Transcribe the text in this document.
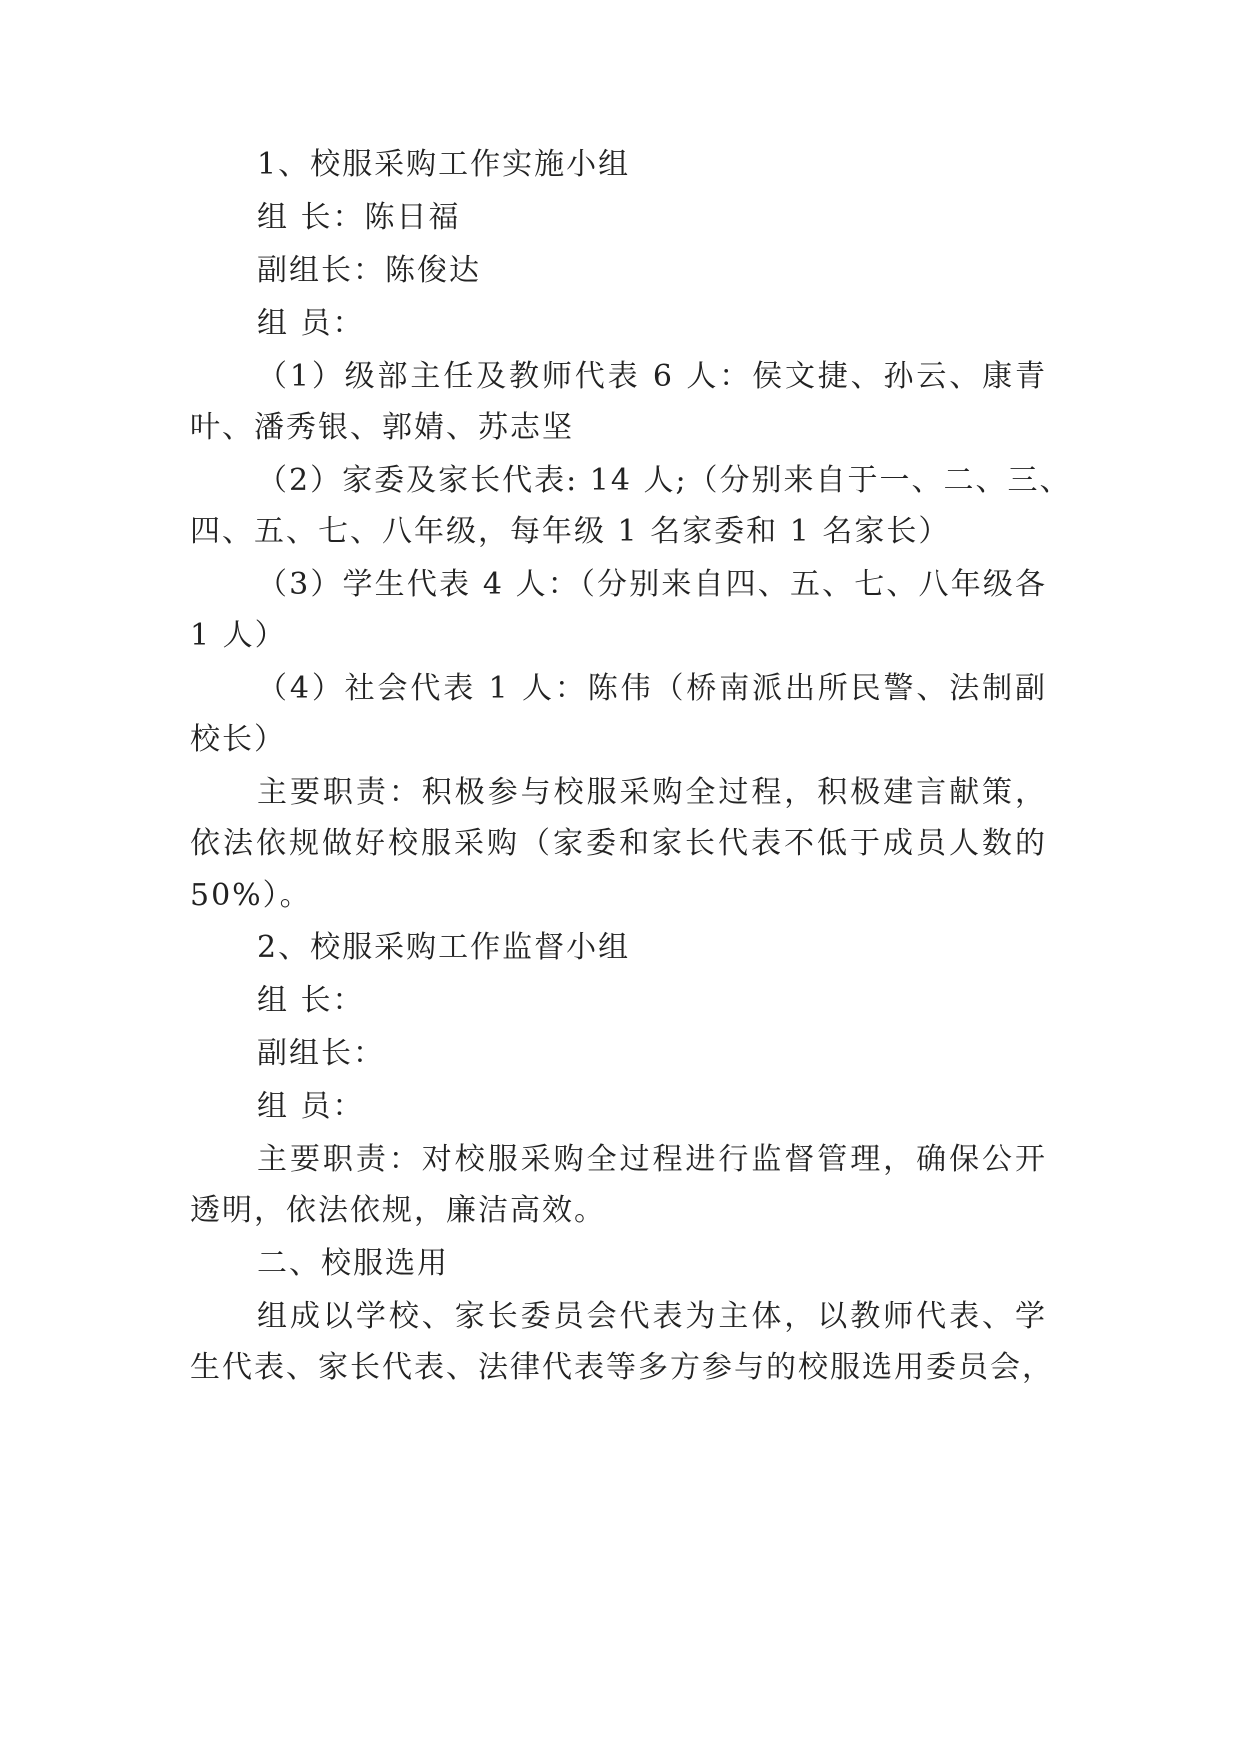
1、校服采购工作实施小组
组 长：陈日福
副组长：陈俊达
组 员：
（1）级部主任及教师代表 6 人：侯文捷、孙云、康青
叶、潘秀银、郭婧、苏志坚
（2）家委及家长代表: 14 人;（分别来自于一、二、三、
四、五、七、八年级，每年级 1 名家委和 1 名家长）
（3）学生代表 4 人：（分别来自四、五、七、八年级各
1 人）
（4）社会代表 1 人：陈伟（桥南派出所民警、法制副
校长）
主要职责：积极参与校服采购全过程，积极建言献策，
依法依规做好校服采购（家委和家长代表不低于成员人数的
50%）。
2、校服采购工作监督小组
组 长：
副组长：
组 员：
主要职责：对校服采购全过程进行监督管理，确保公开
透明，依法依规，廉洁高效。
二、校服选用
组成以学校、家长委员会代表为主体，以教师代表、学
生代表、家长代表、法律代表等多方参与的校服选用委员会，
